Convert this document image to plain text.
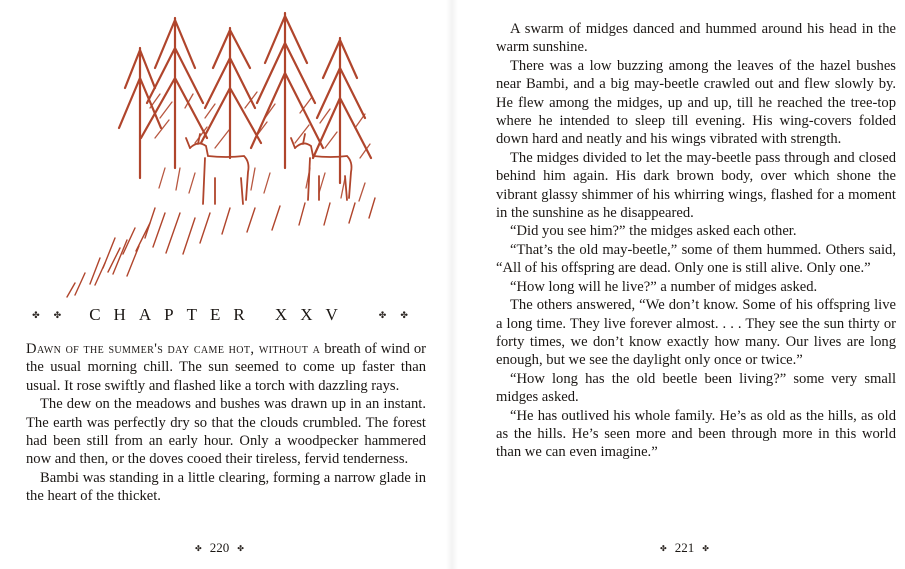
✤ ✤ CHAPTER XXV	✤ ✤

Dawn of the summer's day came hot, without a breath of wind or the usual morning chill. The sun seemed to come up faster than usual. It rose swiftly and flashed like a torch with dazzling rays.

The dew on the meadows and bushes was drawn up in an instant. The earth was perfectly dry so that the clouds crumbled. The forest had been still from an early hour. Only a woodpecker hammered now and then, or the doves cooed their tireless, fervid tenderness.

Bambi was standing in a little clearing, forming a narrow glade in the heart of the thicket.

✤ 220 ✤

A swarm of midges danced and hummed around his head in the warm sunshine.

There was a low buzzing among the leaves of the hazel bushes near Bambi, and a big may-beetle crawled out and flew slowly by. He flew among the midges, up and up, till he reached the tree-top where he intended to sleep till evening. His wing-covers folded down hard and neatly and his wings vibrated with strength.

The midges divided to let the may-beetle pass through and closed behind him again. His dark brown body, over which shone the vibrant glassy shimmer of his whirring wings, flashed for a moment in the sunshine as he disappeared.

“Did you see him?” the midges asked each other.

“That’s the old may-beetle,” some of them hummed. Others said, “All of his offspring are dead. Only one is still alive. Only one.”

“How long will he live?” a number of midges asked.

The others answered, “We don’t know. Some of his offspring live a long time. They live forever almost. . . . They see the sun thirty or forty times, we don’t know exactly how many. Our lives are long enough, but we see the daylight only once or twice.”

“How long has the old beetle been living?” some very small midges asked.

“He has outlived his whole family. He’s as old as the hills, as old as the hills. He’s seen more and been through more in this world than we can even imagine.”

✤ 221 ✤
